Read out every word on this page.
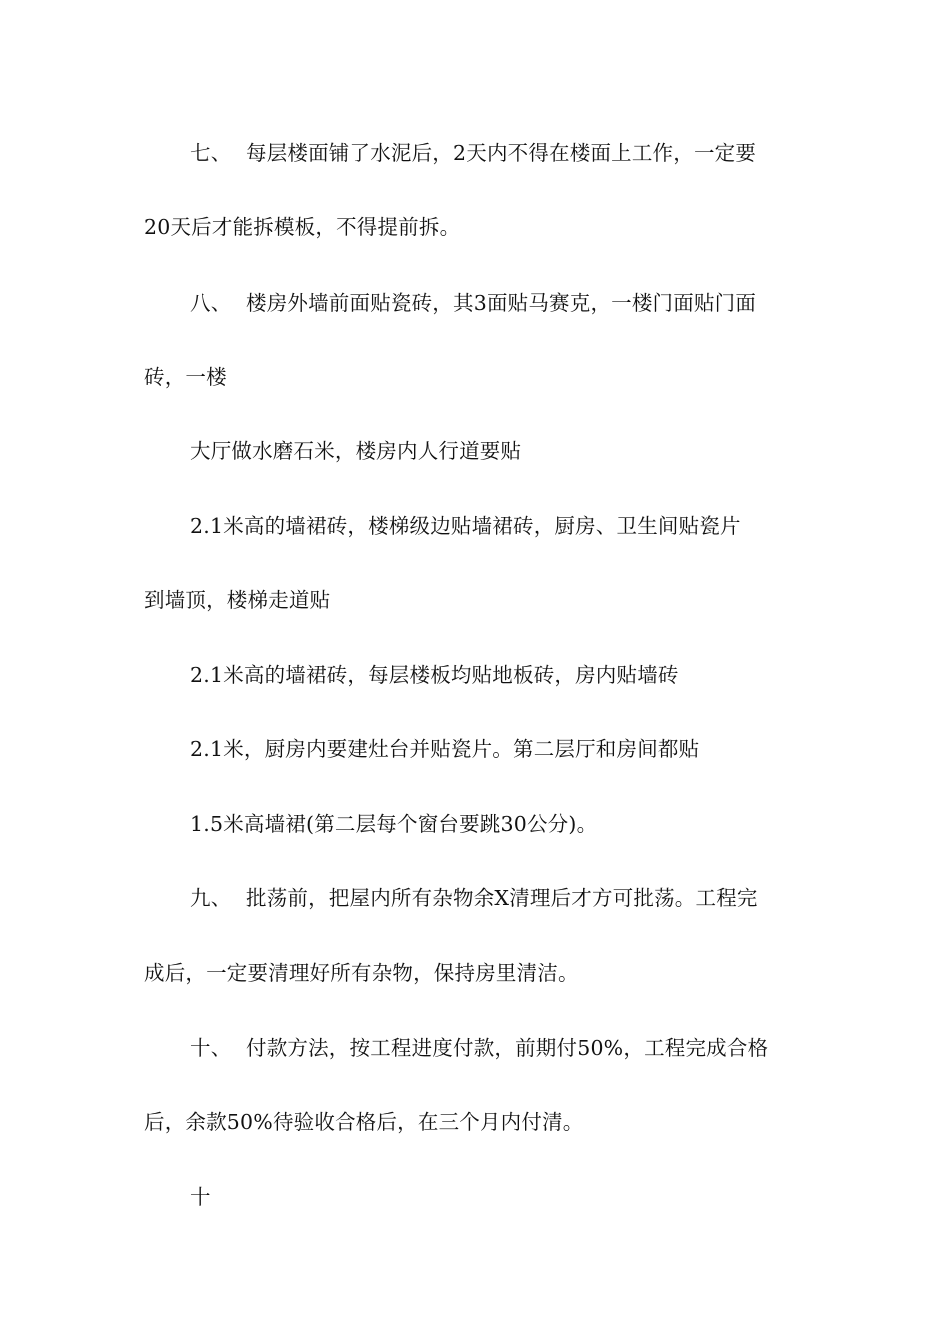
七、 每层楼面铺了水泥后，2天内不得在楼面上工作，一定要
20天后才能拆模板，不得提前拆。
八、 楼房外墙前面贴瓷砖，其3面贴马赛克，一楼门面贴门面
砖，一楼
大厅做水磨石米，楼房内人行道要贴
2.1米高的墙裙砖，楼梯级边贴墙裙砖，厨房、卫生间贴瓷片
到墙顶，楼梯走道贴
2.1米高的墙裙砖，每层楼板均贴地板砖，房内贴墙砖
2.1米，厨房内要建灶台并贴瓷片。第二层厅和房间都贴
1.5米高墙裙(第二层每个窗台要跳30公分)。
九、 批荡前，把屋内所有杂物余X清理后才方可批荡。工程完
成后，一定要清理好所有杂物，保持房里清洁。
十、 付款方法，按工程进度付款，前期付50%，工程完成合格
后，余款50%待验收合格后，在三个月内付清。
十
